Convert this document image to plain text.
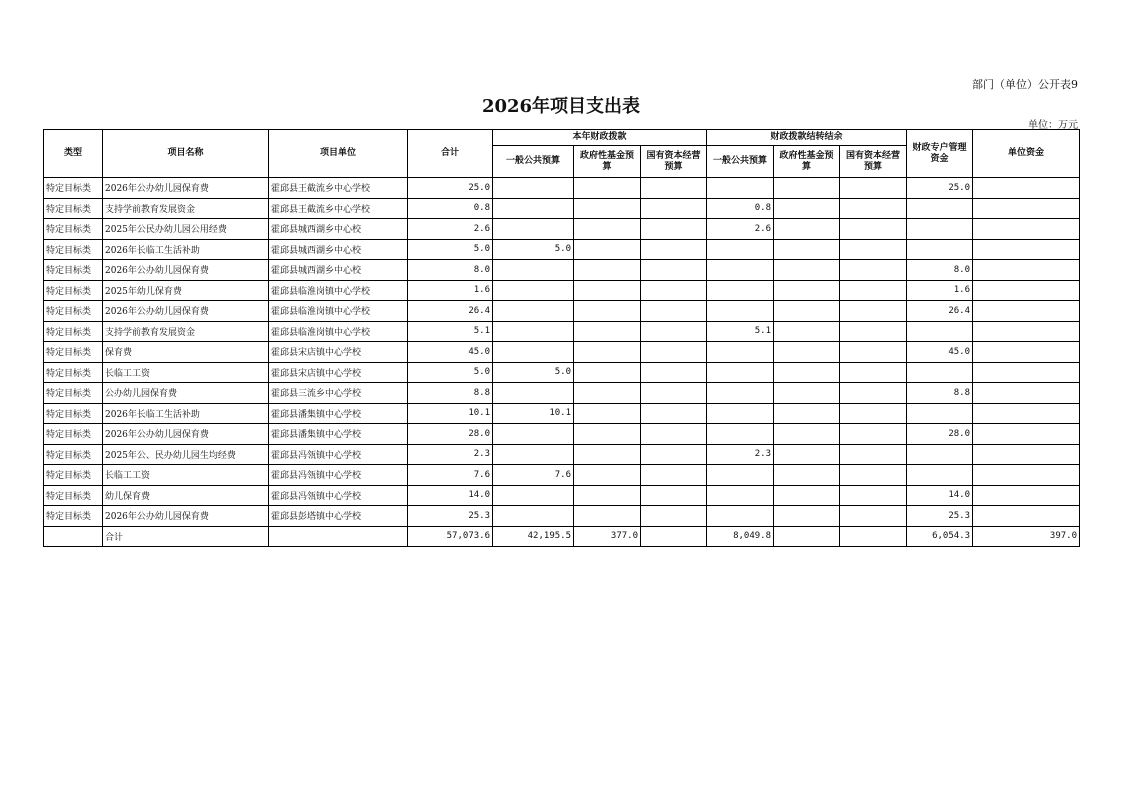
部门（单位）公开表9
2026年项目支出表
单位：万元
类型	项目名称	项目单位	合计	本年财政拨款			财政拨款结转结余			财政专户管理资金	单位资金
				一般公共预算	政府性基金预算	国有资本经营预算	一般公共预算	政府性基金预算	国有资本经营预算		
特定目标类	2026年公办幼儿园保育费	霍邱县王截流乡中心学校	25.0							25.0	
特定目标类	支持学前教育发展资金	霍邱县王截流乡中心学校	0.8				0.8				
特定目标类	2025年公民办幼儿园公用经费	霍邱县城西湖乡中心校	2.6				2.6				
特定目标类	2026年长临工生活补助	霍邱县城西湖乡中心校	5.0	5.0							
特定目标类	2026年公办幼儿园保育费	霍邱县城西湖乡中心校	8.0							8.0	
特定目标类	2025年幼儿保育费	霍邱县临淮岗镇中心学校	1.6							1.6	
特定目标类	2026年公办幼儿园保育费	霍邱县临淮岗镇中心学校	26.4							26.4	
特定目标类	支持学前教育发展资金	霍邱县临淮岗镇中心学校	5.1				5.1				
特定目标类	保育费	霍邱县宋店镇中心学校	45.0							45.0	
特定目标类	长临工工资	霍邱县宋店镇中心学校	5.0	5.0							
特定目标类	公办幼儿园保育费	霍邱县三流乡中心学校	8.8							8.8	
特定目标类	2026年长临工生活补助	霍邱县潘集镇中心学校	10.1	10.1							
特定目标类	2026年公办幼儿园保育费	霍邱县潘集镇中心学校	28.0							28.0	
特定目标类	2025年公、民办幼儿园生均经费	霍邱县冯瓴镇中心学校	2.3				2.3				
特定目标类	长临工工资	霍邱县冯瓴镇中心学校	7.6	7.6							
特定目标类	幼儿保育费	霍邱县冯瓴镇中心学校	14.0							14.0	
特定目标类	2026年公办幼儿园保育费	霍邱县彭塔镇中心学校	25.3							25.3	
	合计		57,073.6	42,195.5	377.0		8,049.8			6,054.3	397.0
